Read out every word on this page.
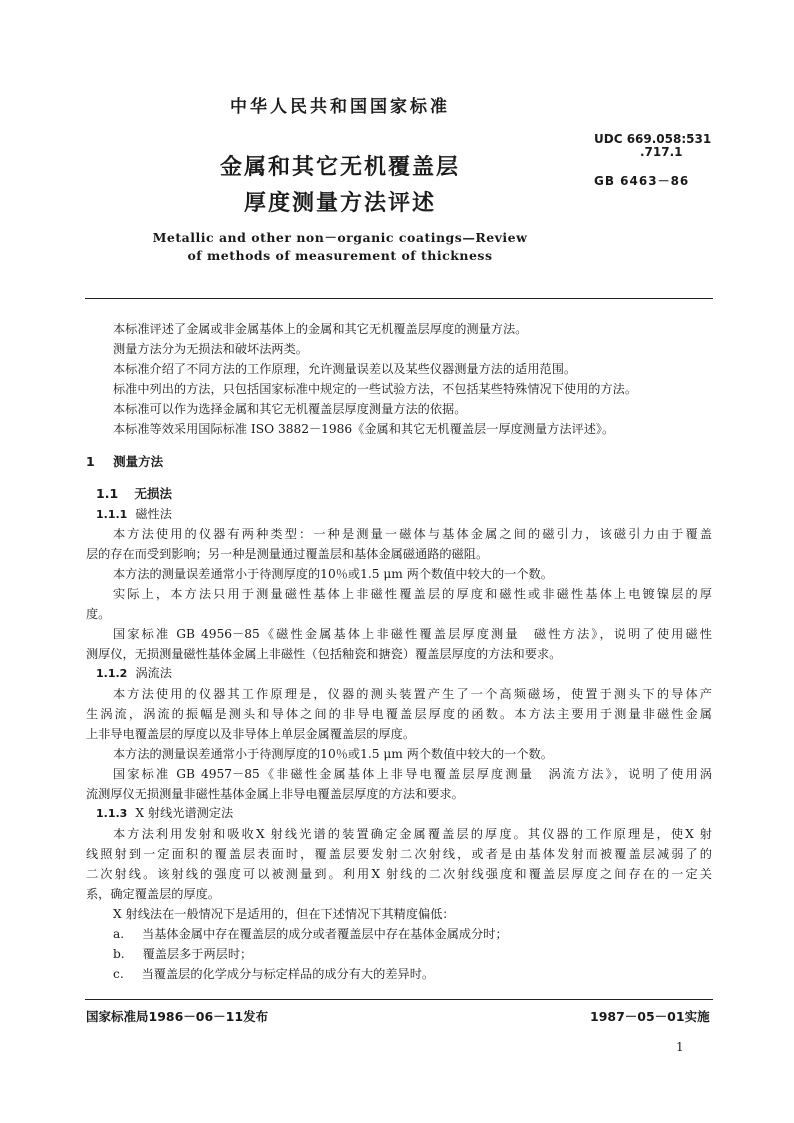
中华人民共和国国家标准
UDC 669.058:531
.717.1
GB 6463－86
金属和其它无机覆盖层
厚度测量方法评述
Metallic and other non－organic coatings—Review
of methods of measurement of thickness
本标准评述了金属或非金属基体上的金属和其它无机覆盖层厚度的测量方法。
测量方法分为无损法和破坏法两类。
本标准介绍了不同方法的工作原理，允许测量误差以及某些仪器测量方法的适用范围。
标准中列出的方法，只包括国家标准中规定的一些试验方法，不包括某些特殊情况下使用的方法。
本标准可以作为选择金属和其它无机覆盖层厚度测量方法的依据。
本标准等效采用国际标准 ISO 3882－1986《金属和其它无机覆盖层一厚度测量方法评述》。
1 测量方法
1.1 无损法
1.1.1 磁性法
本方法使用的仪器有两种类型：一种是测量一磁体与基体金属之间的磁引力，该磁引力由于覆盖
层的存在而受到影响；另一种是测量通过覆盖层和基体金属磁通路的磁阻。
本方法的测量误差通常小于待测厚度的10％或1.5 μm 两个数值中较大的一个数。
实际上，本方法只用于测量磁性基体上非磁性覆盖层的厚度和磁性或非磁性基体上电镀镍层的厚
度。
国家标准 GB 4956－85《磁性金属基体上非磁性覆盖层厚度测量　磁性方法》，说明了使用磁性
测厚仪，无损测量磁性基体金属上非磁性（包括釉瓷和搪瓷）覆盖层厚度的方法和要求。
1.1.2 涡流法
本方法使用的仪器其工作原理是，仪器的测头装置产生了一个高频磁场，使置于测头下的导体产
生涡流，涡流的振幅是测头和导体之间的非导电覆盖层厚度的函数。本方法主要用于测量非磁性金属
上非导电覆盖层的厚度以及非导体上单层金属覆盖层的厚度。
本方法的测量误差通常小于待测厚度的10％或1.5 μm 两个数值中较大的一个数。
国家标准 GB 4957－85《非磁性金属基体上非导电覆盖层厚度测量　涡流方法》，说明了使用涡
流测厚仪无损测量非磁性基体金属上非导电覆盖层厚度的方法和要求。
1.1.3 X 射线光谱测定法
本方法利用发射和吸收X 射线光谱的装置确定金属覆盖层的厚度。其仪器的工作原理是，使X 射
线照射到一定面积的覆盖层表面时，覆盖层要发射二次射线，或者是由基体发射而被覆盖层减弱了的
二次射线。该射线的强度可以被测量到。利用X 射线的二次射线强度和覆盖层厚度之间存在的一定关
系，确定覆盖层的厚度。
X 射线法在一般情况下是适用的，但在下述情况下其精度偏低：
a. 当基体金属中存在覆盖层的成分或者覆盖层中存在基体金属成分时；
b. 覆盖层多于两层时；
c. 当覆盖层的化学成分与标定样品的成分有大的差异时。
国家标准局1986－06－11发布	1987－05－01实施
1
